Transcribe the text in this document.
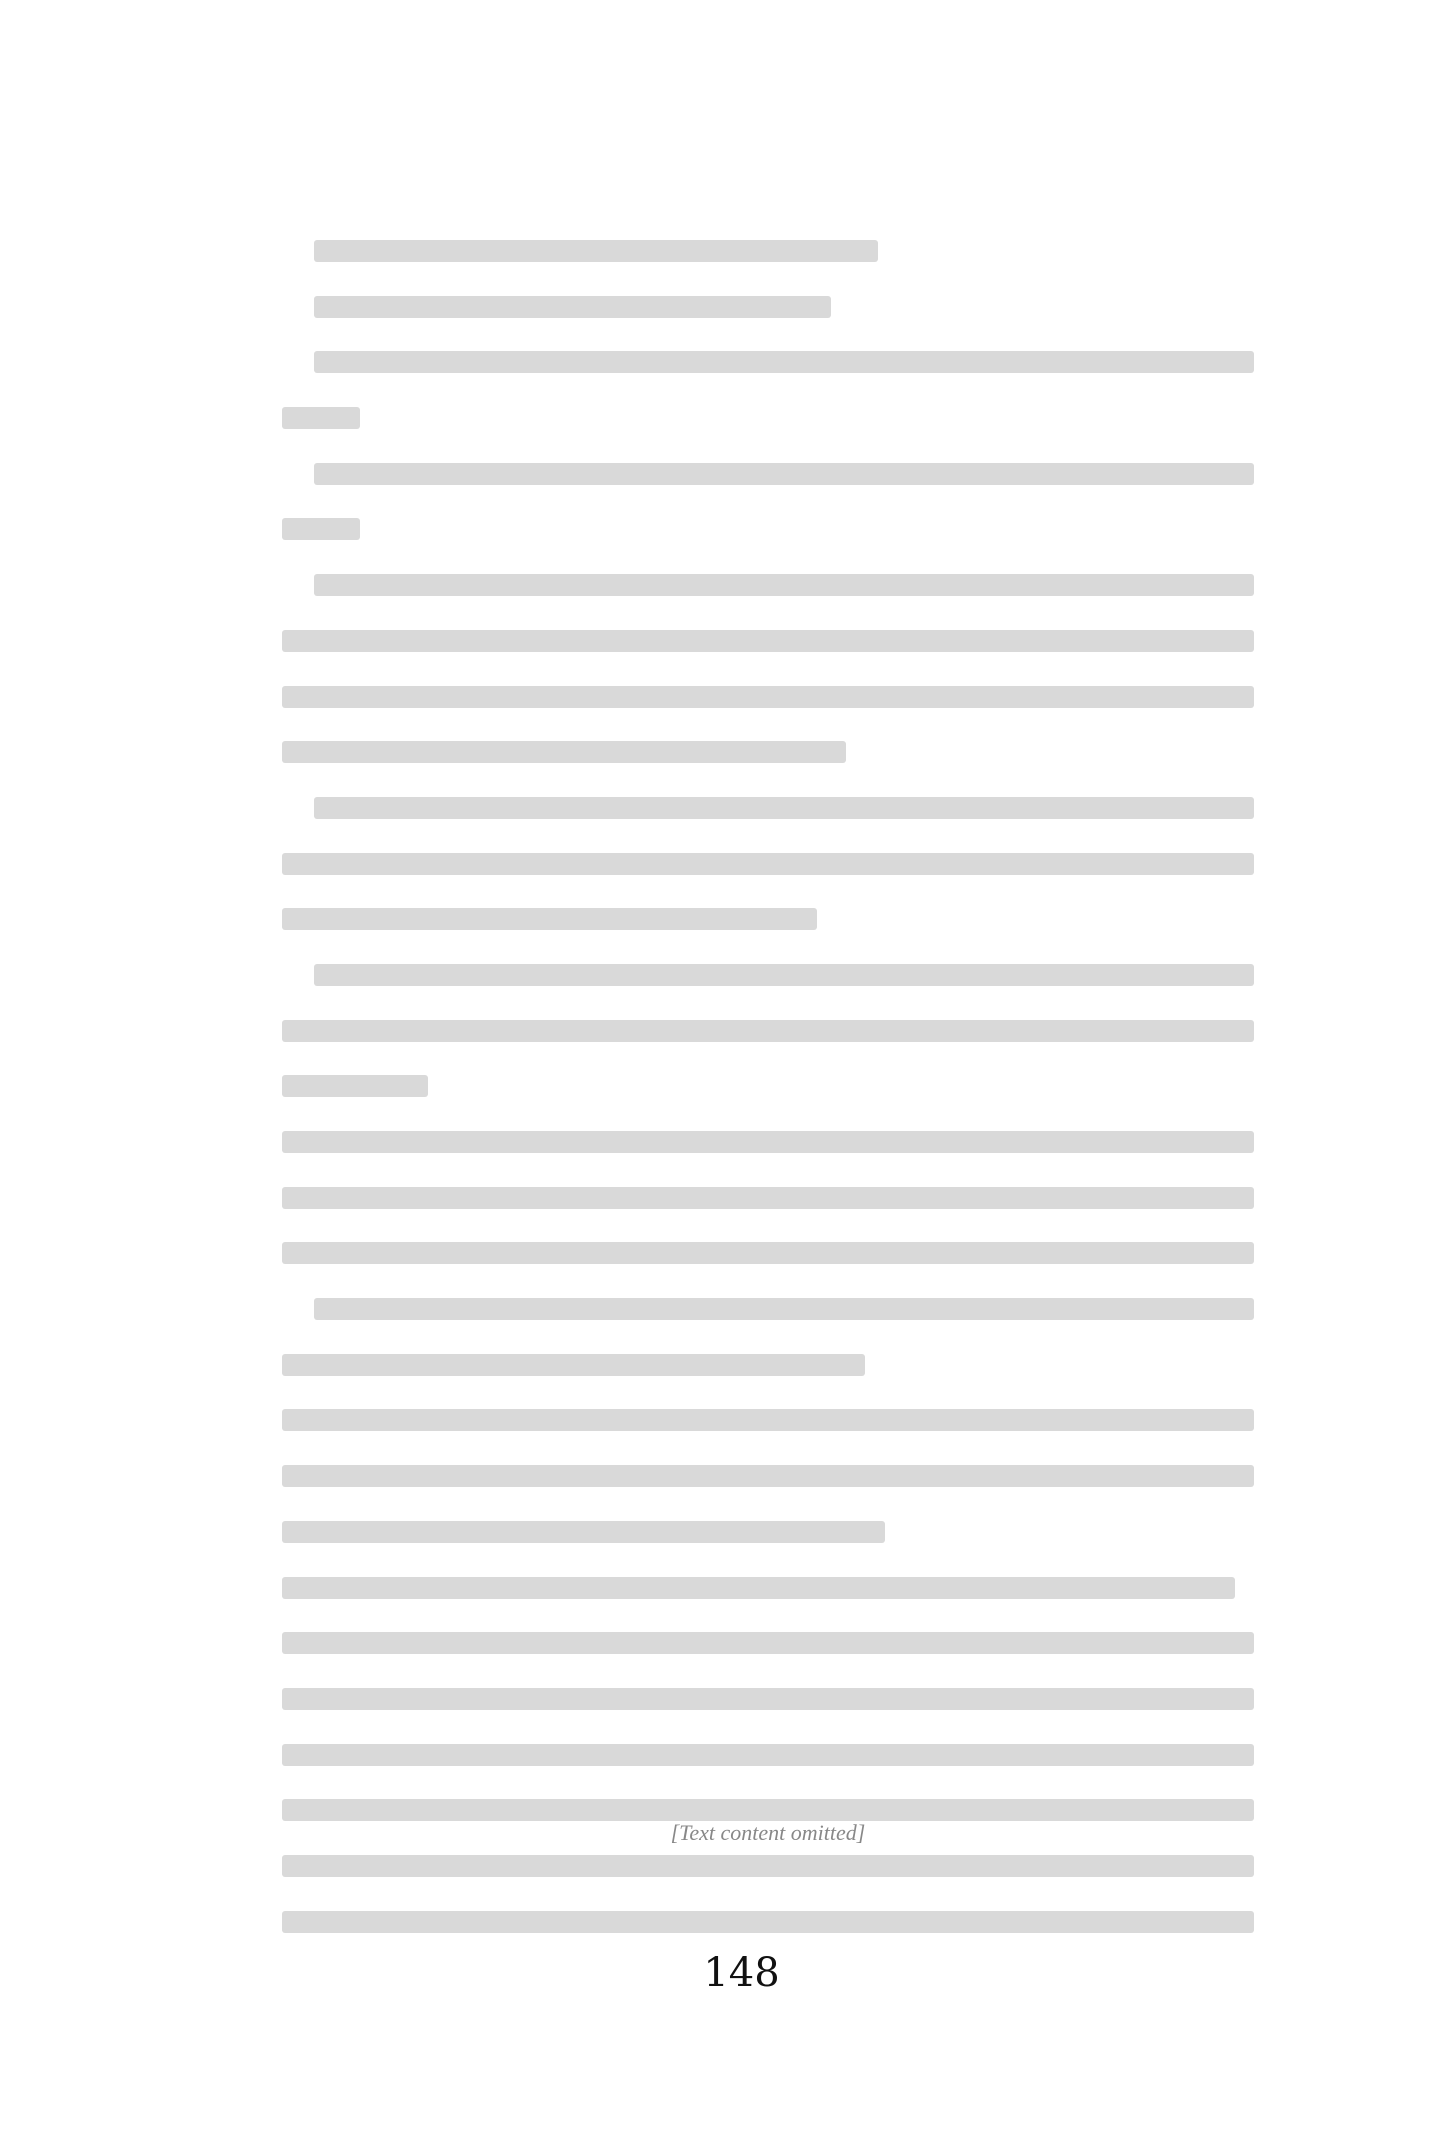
[Text content omitted]
148
